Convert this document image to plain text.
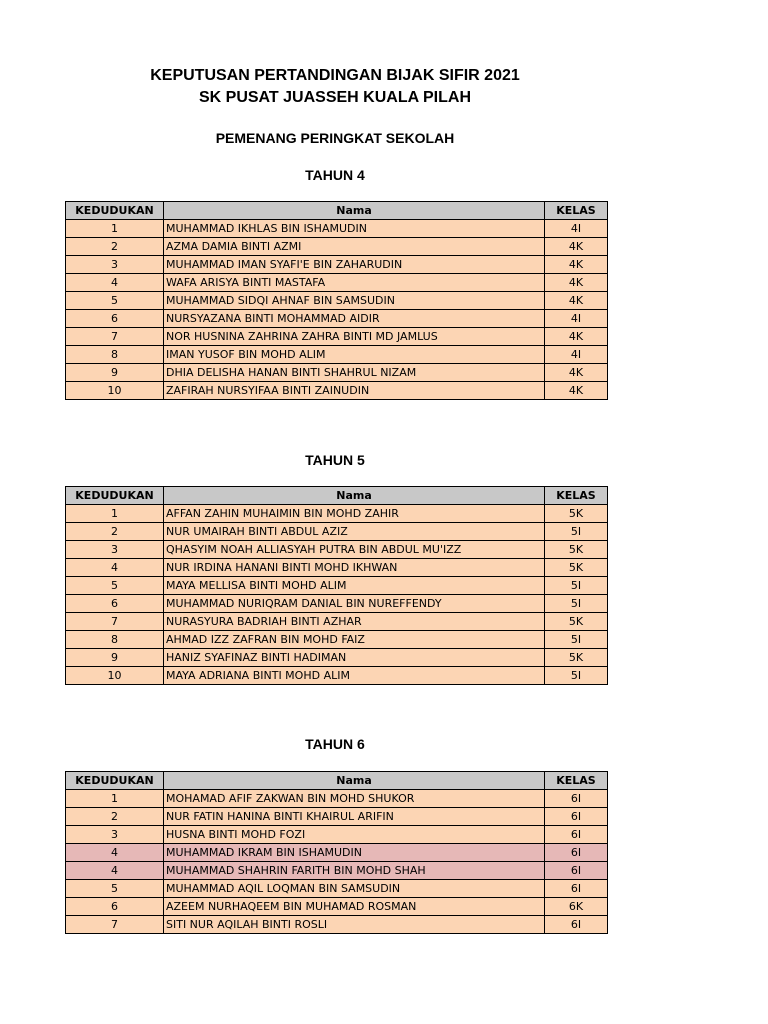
KEPUTUSAN PERTANDINGAN BIJAK SIFIR 2021
SK PUSAT JUASSEH KUALA PILAH
PEMENANG PERINGKAT SEKOLAH
TAHUN 4
KEDUDUKAN	Nama	KELAS
1	MUHAMMAD IKHLAS BIN ISHAMUDIN	4I
2	AZMA DAMIA BINTI AZMI	4K
3	MUHAMMAD IMAN SYAFI'E BIN ZAHARUDIN	4K
4	WAFA ARISYA BINTI MASTAFA	4K
5	MUHAMMAD SIDQI AHNAF BIN SAMSUDIN	4K
6	NURSYAZANA BINTI MOHAMMAD AIDIR	4I
7	NOR HUSNINA ZAHRINA ZAHRA BINTI MD JAMLUS	4K
8	IMAN YUSOF BIN MOHD ALIM	4I
9	DHIA DELISHA HANAN BINTI SHAHRUL NIZAM	4K
10	ZAFIRAH NURSYIFAA BINTI ZAINUDIN	4K
TAHUN 5
KEDUDUKAN	Nama	KELAS
1	AFFAN ZAHIN MUHAIMIN BIN MOHD ZAHIR	5K
2	NUR UMAIRAH BINTI ABDUL AZIZ	5I
3	QHASYIM NOAH ALLIASYAH PUTRA BIN ABDUL MU'IZZ	5K
4	NUR IRDINA HANANI BINTI MOHD IKHWAN	5K
5	MAYA MELLISA BINTI MOHD ALIM	5I
6	MUHAMMAD NURIQRAM DANIAL BIN NUREFFENDY	5I
7	NURASYURA BADRIAH BINTI AZHAR	5K
8	AHMAD IZZ ZAFRAN BIN MOHD FAIZ	5I
9	HANIZ SYAFINAZ BINTI HADIMAN	5K
10	MAYA ADRIANA BINTI MOHD ALIM	5I
TAHUN 6
KEDUDUKAN	Nama	KELAS
1	MOHAMAD AFIF ZAKWAN BIN MOHD SHUKOR	6I
2	NUR FATIN HANINA BINTI KHAIRUL ARIFIN	6I
3	HUSNA BINTI MOHD FOZI	6I
4	MUHAMMAD IKRAM BIN ISHAMUDIN	6I
4	MUHAMMAD SHAHRIN FARITH BIN MOHD SHAH	6I
5	MUHAMMAD AQIL LOQMAN BIN SAMSUDIN	6I
6	AZEEM NURHAQEEM BIN MUHAMAD ROSMAN	6K
7	SITI NUR AQILAH BINTI ROSLI	6I
